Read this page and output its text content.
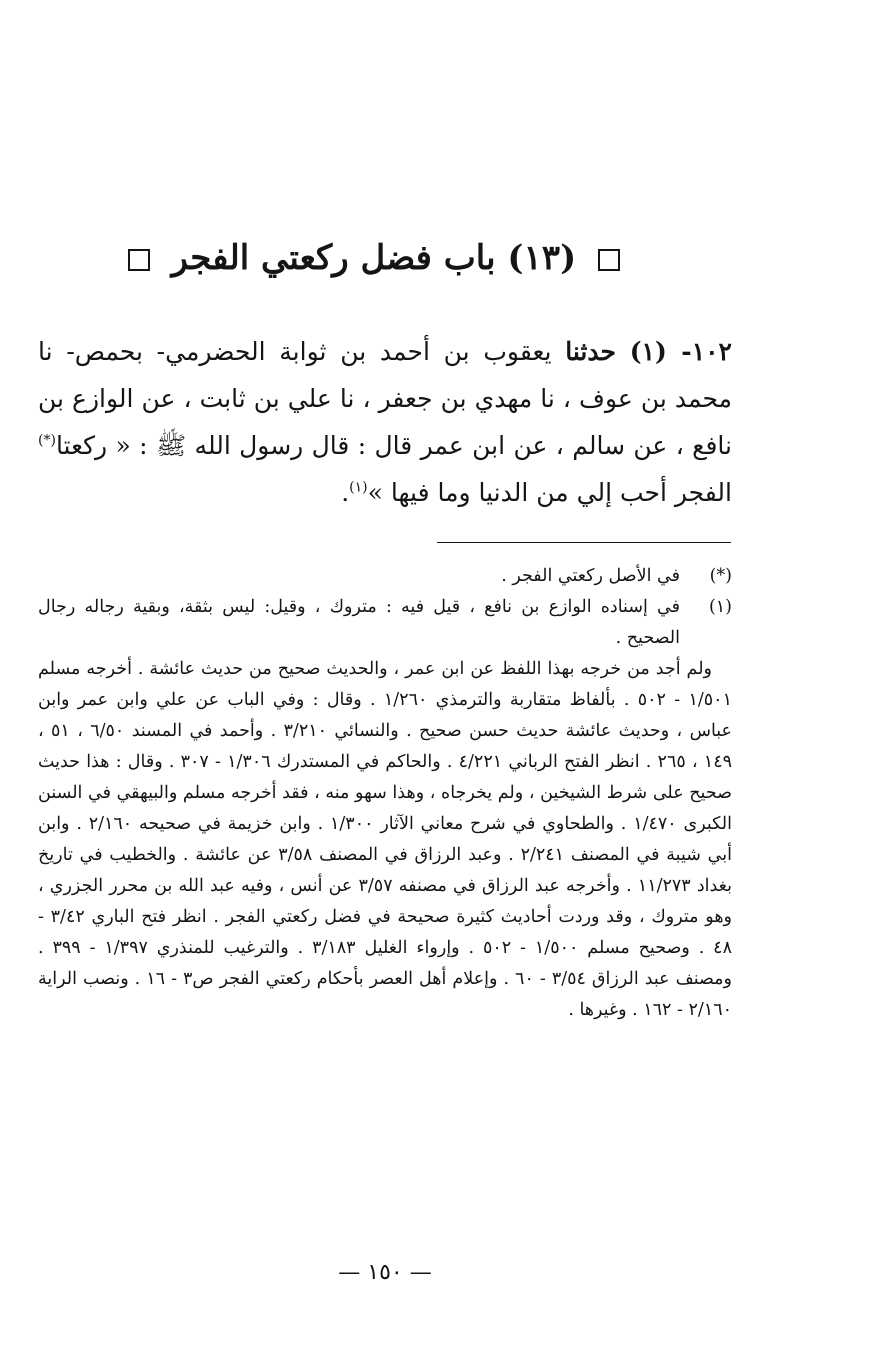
(١٣) باب فضل ركعتي الفجر
١٠٢- (١) حدثنا يعقوب بن أحمد بن ثوابة الحضرمي- بحمص- نا محمد بن عوف ، نا مهدي بن جعفر ، نا علي بن ثابت ، عن الوازع بن نافع ، عن سالم ، عن ابن عمر قال : قال رسول الله ﷺ : « ركعتا(*) الفجر أحب إلي من الدنيا وما فيها »$^{(١)}$.
(*)
في الأصل ركعتي الفجر .
(١)
في إسناده الوازع بن نافع ، قيل فيه : متروك ، وقيل: ليس بثقة، وبقية رجاله رجال الصحيح .
ولم أجد من خرجه بهذا اللفظ عن ابن عمر ، والحديث صحيح من حديث عائشة . أخرجه مسلم ١/٥٠١ - ٥٠٢ . بألفاظ متقاربة والترمذي ١/٢٦٠ . وقال : وفي الباب عن علي وابن عمر وابن عباس ، وحديث عائشة حديث حسن صحيح . والنسائي ٣/٢١٠ . وأحمد في المسند ٦/٥٠ ، ٥١ ، ١٤٩ ، ٢٦٥ . انظر الفتح الرباني ٤/٢٢١ . والحاكم في المستدرك ١/٣٠٦ - ٣٠٧ . وقال : هذا حديث صحيح على شرط الشيخين ، ولم يخرجاه ، وهذا سهو منه ، فقد أخرجه مسلم والبيهقي في السنن الكبرى ١/٤٧٠ . والطحاوي في شرح معاني الآثار ١/٣٠٠ . وابن خزيمة في صحيحه ٢/١٦٠ . وابن أبي شيبة في المصنف ٢/٢٤١ . وعبد الرزاق في المصنف ٣/٥٨ عن عائشة . والخطيب في تاريخ بغداد ١١/٢٧٣ . وأخرجه عبد الرزاق في مصنفه ٣/٥٧ عن أنس ، وفيه عبد الله بن محرر الجزري ، وهو متروك ، وقد وردت أحاديث كثيرة صحيحة في فضل ركعتي الفجر . انظر فتح الباري ٣/٤٢ - ٤٨ . وصحيح مسلم ١/٥٠٠ - ٥٠٢ . وإرواء الغليل ٣/١٨٣ . والترغيب للمنذري ١/٣٩٧ - ٣٩٩ . ومصنف عبد الرزاق ٣/٥٤ - ٦٠ . وإعلام أهل العصر بأحكام ركعتي الفجر ص٣ - ١٦ . ونصب الراية ٢/١٦٠ - ١٦٢ . وغيرها .
— ١٥٠ —
